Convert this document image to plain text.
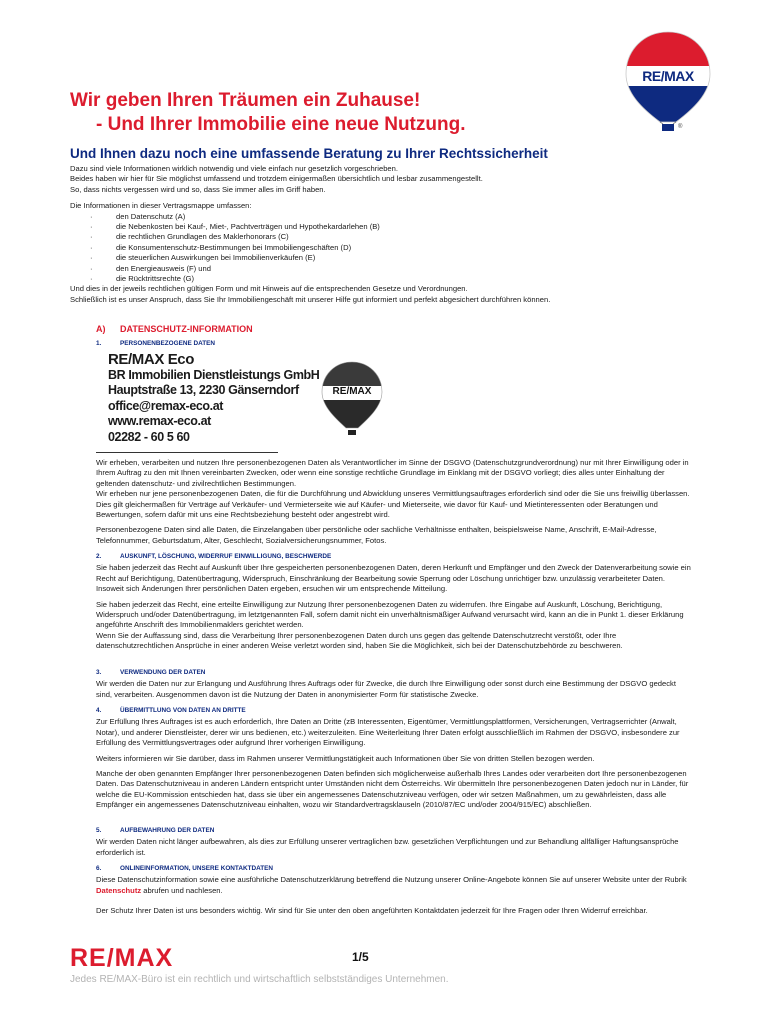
RE/MAX
®
Wir geben Ihren Träumen ein Zuhause!
- Und Ihrer Immobilie eine neue Nutzung.
Und Ihnen dazu noch eine umfassende Beratung zu Ihrer Rechtssicherheit

Dazu sind viele Informationen wirklich notwendig und viele einfach nur gesetzlich vorgeschrieben.

Beides haben wir hier für Sie möglichst umfassend und trotzdem einigermaßen übersichtlich und lesbar zusammengestellt.

So, dass nichts vergessen wird und so, dass Sie immer alles im Griff haben.

Die Informationen in dieser Vertragsmappe umfassen:

· den Datenschutz (A)
· die Nebenkosten bei Kauf-, Miet-, Pachtverträgen und Hypothekardarlehen (B)
· die rechtlichen Grundlagen des Maklerhonorars (C)
· die Konsumentenschutz-Bestimmungen bei Immobiliengeschäften (D)
· die steuerlichen Auswirkungen bei Immobilienverkäufen (E)
· den Energieausweis (F) und
· die Rücktrittsrechte (G)

Und dies in der jeweils rechtlichen gültigen Form und mit Hinweis auf die entsprechenden Gesetze und Verordnungen.

Schließlich ist es unser Anspruch, dass Sie Ihr Immobiliengeschäft mit unserer Hilfe gut informiert und perfekt abgesichert durchführen können.

A) DATENSCHUTZ-INFORMATION
1.	PERSONENBEZOGENE DATEN
RE/MAX Eco
BR Immobilien Dienstleistungs GmbH
Hauptstraße 13, 2230 Gänserndorf
office@remax-eco.at
www.remax-eco.at
02282 - 60 5 60
RE/MAX

Wir erheben, verarbeiten und nutzen Ihre personenbezogenen Daten als Verantwortlicher im Sinne der DSGVO (Datenschutzgrundverordnung) nur mit Ihrer Einwilligung oder in Ihrem Auftrag zu den mit Ihnen vereinbarten Zwecken, oder wenn eine sonstige rechtliche Grundlage im Einklang mit der DSGVO vorliegt; dies alles unter Einhaltung der geltenden datenschutz- und zivilrechtlichen Bestimmungen.

Wir erheben nur jene personenbezogenen Daten, die für die Durchführung und Abwicklung unseres Vermittlungsauftrages erforderlich sind oder die Sie uns freiwillig überlassen. Dies gilt gleichermaßen für Verträge auf Verkäufer- und Vermieterseite wie auf Käufer- und Mieterseite, wie davor für Kauf- und Mietinteressenten oder Beratungen und Bewertungen, sofern dafür mit uns eine Rechtsbeziehung besteht oder angestrebt wird.

Personenbezogene Daten sind alle Daten, die Einzelangaben über persönliche oder sachliche Verhältnisse enthalten, beispielsweise Name, Anschrift, E-Mail-Adresse, Telefonnummer, Geburtsdatum, Alter, Geschlecht, Sozialversicherungsnummer, Fotos.

2.	AUSKUNFT, LÖSCHUNG, WIDERRUF EINWILLIGUNG, BESCHWERDE

Sie haben jederzeit das Recht auf Auskunft über Ihre gespeicherten personenbezogenen Daten, deren Herkunft und Empfänger und den Zweck der Datenverarbeitung sowie ein Recht auf Berichtigung, Datenübertragung, Widerspruch, Einschränkung der Bearbeitung sowie Sperrung oder Löschung unrichtiger bzw. unzulässig verarbeiteter Daten.

Insoweit sich Änderungen Ihrer persönlichen Daten ergeben, ersuchen wir um entsprechende Mitteilung.

Sie haben jederzeit das Recht, eine erteilte Einwilligung zur Nutzung Ihrer personenbezogenen Daten zu widerrufen. Ihre Eingabe auf Auskunft, Löschung, Berichtigung, Widerspruch und/oder Datenübertragung, im letztgenannten Fall, sofern damit nicht ein unverhältnismäßiger Aufwand verursacht wird, kann an die in Punkt 1. dieser Erklärung angeführte Anschrift des Immobilienmaklers gerichtet werden.

Wenn Sie der Auffassung sind, dass die Verarbeitung Ihrer personenbezogenen Daten durch uns gegen das geltende Datenschutzrecht verstößt, oder Ihre datenschutzrechtlichen Ansprüche in einer anderen Weise verletzt worden sind, haben Sie die Möglichkeit, sich bei der Datenschutzbehörde zu beschweren.

3.	VERWENDUNG DER DATEN

Wir werden die Daten nur zur Erlangung und Ausführung Ihres Auftrags oder für Zwecke, die durch Ihre Einwilligung oder sonst durch eine Bestimmung der DSGVO gedeckt sind, verarbeiten. Ausgenommen davon ist die Nutzung der Daten in anonymisierter Form für statistische Zwecke.

4.	ÜBERMITTLUNG VON DATEN AN DRITTE

Zur Erfüllung Ihres Auftrages ist es auch erforderlich, Ihre Daten an Dritte (zB Interessenten, Eigentümer, Vermittlungsplattformen, Versicherungen, Vertragserrichter (Anwalt, Notar), und anderer Dienstleister, derer wir uns bedienen, etc.) weiterzuleiten. Eine Weiterleitung Ihrer Daten erfolgt ausschließlich im Rahmen der DSGVO, insbesondere zur Erfüllung des Vermittlungsvertrages oder aufgrund Ihrer vorherigen Einwilligung.

Weiters informieren wir Sie darüber, dass im Rahmen unserer Vermittlungstätigkeit auch Informationen über Sie von dritten Stellen bezogen werden.

Manche der oben genannten Empfänger Ihrer personenbezogenen Daten befinden sich möglicherweise außerhalb Ihres Landes oder verarbeiten dort Ihre personenbezogenen Daten. Das Datenschutzniveau in anderen Ländern entspricht unter Umständen nicht dem Österreichs. Wir übermitteln Ihre personenbezogenen Daten jedoch nur in Länder, für welche die EU-Kommission entschieden hat, dass sie über ein angemessenes Datenschutzniveau verfügen, oder wir setzen Maßnahmen, um zu gewährleisten, dass alle Empfänger ein angemessenes Datenschutzniveau einhalten, wozu wir Standardvertragsklauseln (2010/87/EC und/oder 2004/915/EC) abschließen.

5.	AUFBEWAHRUNG DER DATEN

Wir werden Daten nicht länger aufbewahren, als dies zur Erfüllung unserer vertraglichen bzw. gesetzlichen Verpflichtungen und zur Behandlung allfälliger Haftungsansprüche erforderlich ist.

6.	ONLINEINFORMATION, UNSERE KONTAKTDATEN

Diese Datenschutzinformation sowie eine ausführliche Datenschutzerklärung betreffend die Nutzung unserer Online-Angebote können Sie auf unserer Website unter der Rubrik Datenschutz abrufen und nachlesen.

Der Schutz Ihrer Daten ist uns besonders wichtig. Wir sind für Sie unter den oben angeführten Kontaktdaten jederzeit für Ihre Fragen oder Ihren Widerruf erreichbar.
RE/MAX	1/5
Jedes RE/MAX-Büro ist ein rechtlich und wirtschaftlich selbstständiges Unternehmen.
